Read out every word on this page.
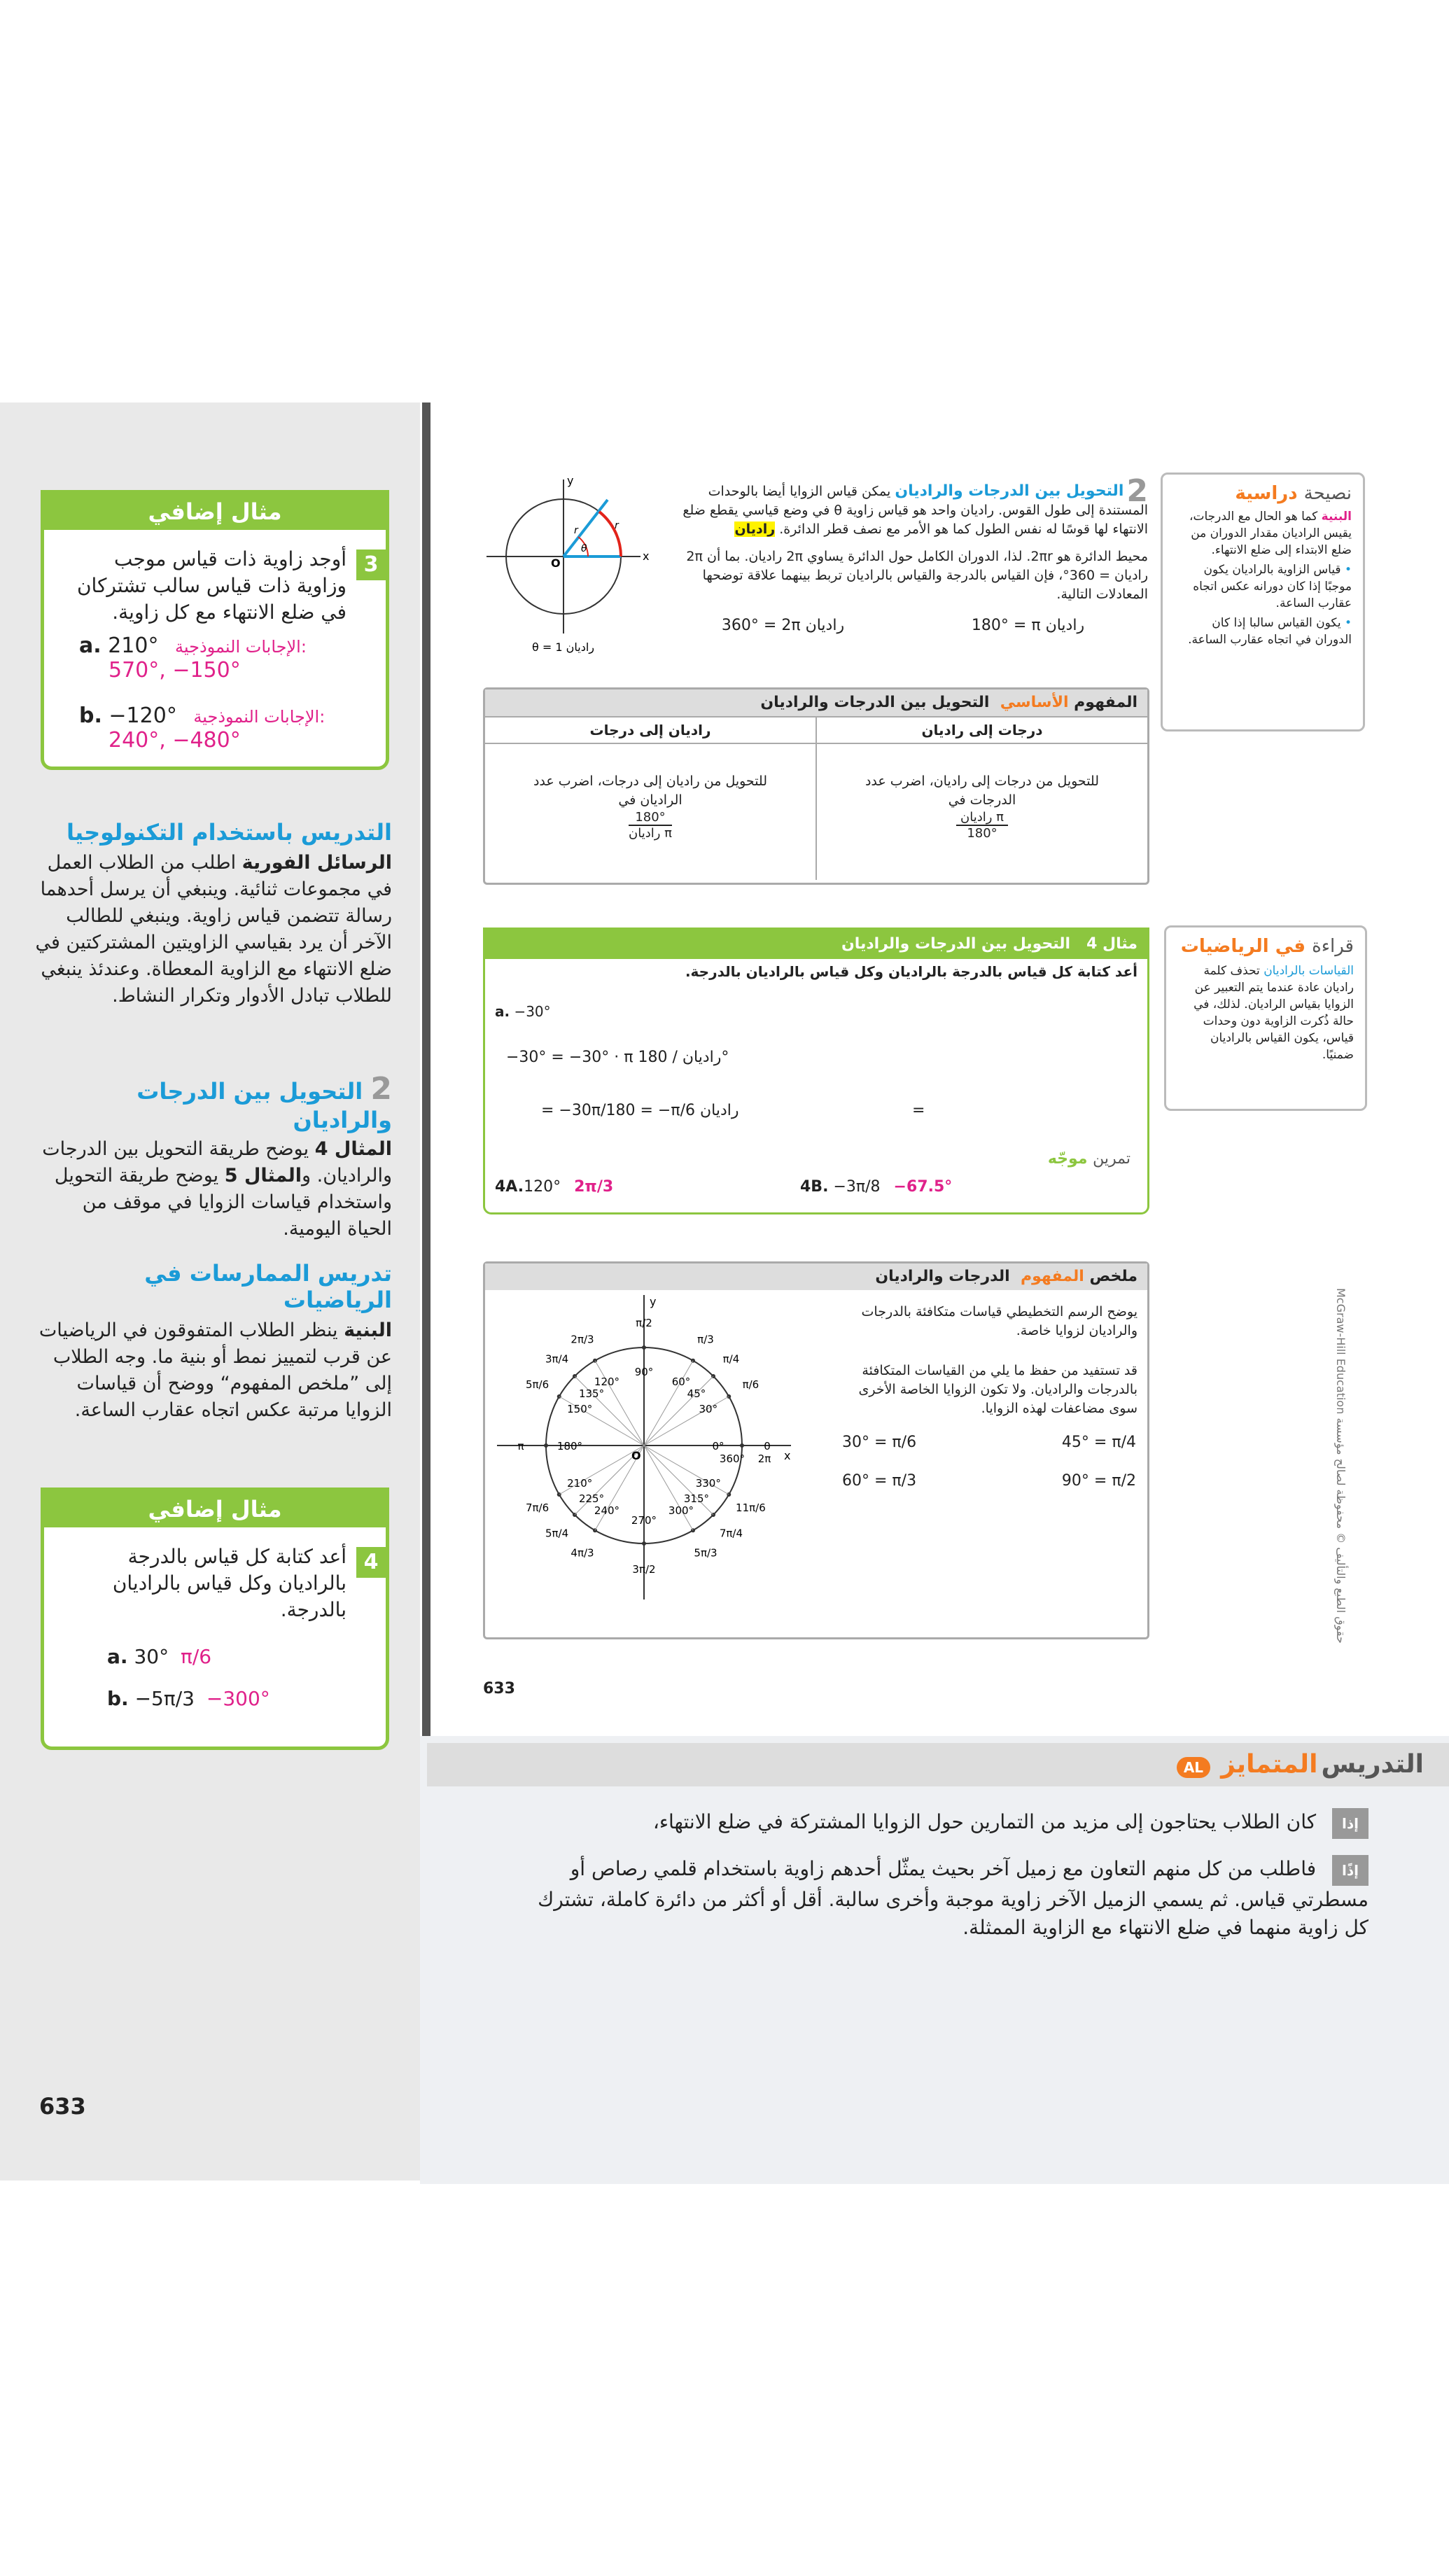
مثال إضافي
3
أوجد زاوية ذات قياس موجب وزاوية ذات قياس سالب تشتركان في ضلع الانتهاء مع كل زاوية.
a. 210° الإجابات النموذجية:
570°, −150°
b. −120° الإجابات النموذجية:
240°, −480°
التدريس باستخدام التكنولوجيا
الرسائل الفورية اطلب من الطلاب العمل في مجموعات ثنائية. وينبغي أن يرسل أحدهما رسالة تتضمن قياس زاوية. وينبغي للطالب الآخر أن يرد بقياسي الزاويتين المشتركتين في ضلع الانتهاء مع الزاوية المعطاة. وعندئذ ينبغي للطلاب تبادل الأدوار وتكرار النشاط.
2 التحويل بين الدرجات والراديان
المثال 4 يوضح طريقة التحويل بين الدرجات والراديان. والمثال 5 يوضح طريقة التحويل واستخدام قياسات الزوايا في موقف من الحياة اليومية.
تدريس الممارسات في الرياضيات
البنية ينظر الطلاب المتفوقون في الرياضيات عن قرب لتمييز نمط أو بنية ما. وجه الطلاب إلى ”ملخص المفهوم“ ووضح أن قياسات الزوايا مرتبة عكس اتجاه عقارب الساعة.
مثال إضافي
4
أعد كتابة كل قياس بالدرجة بالراديان وكل قياس بالراديان بالدرجة.
a. 30° π/6
b. −5π/3 −300°
633
نصيحة دراسية
البنية كما هو الحال مع الدرجات، يقيس الراديان مقدار الدوران من ضلع الابتداء إلى ضلع الانتهاء.
• قياس الزاوية بالراديان يكون موجبًا إذا كان دورانه عكس اتجاه عقارب الساعة.
• يكون القياس سالبا إذا كان الدوران في اتجاه عقارب الساعة.
2
التحويل بين الدرجات والراديان يمكن قياس الزوايا أيضا بالوحدات المستندة إلى طول القوس. راديان واحد هو قياس زاوية θ في وضع قياسي يقطع ضلع الانتهاء لها قوسًا له نفس الطول كما هو الأمر مع نصف قطر الدائرة. راديان
محيط الدائرة هو 2πr. لذا، الدوران الكامل حول الدائرة يساوي 2π راديان. بما أن 2π راديان = 360°، فإن القياس بالدرجة والقياس بالراديان تربط بينهما علاقة توضحها المعادلات التالية.
360° = 2π راديان	180° = π راديان
x
y
O
r	r
θ
θ = 1 راديان
المفهوم الأساسي  التحويل بين الدرجات والراديان
درجات إلى راديان
راديان إلى درجات
للتحويل من درجات إلى راديان، اضرب عدد الدرجات في
π راديان
180°
للتحويل من راديان إلى درجات، اضرب عدد الراديان في
180°
π راديان
مثال 4   التحويل بين الدرجات والراديان
أعد كتابة كل قياس بالدرجة بالراديان وكل قياس بالراديان بالدرجة.
a. −30°
−30° = −30° · π راديان / 180°
= −30π/180 = −π/6 راديان	=
تمرين موجّه
4A.120° 2π/3	4B. −3π/8 −67.5°
قراءة في الرياضيات
القياسات بالراديان تحذف كلمة راديان عادة عندما يتم التعبير عن الزوايا بقياس الراديان. لذلك، في حالة ذُكرت الزاوية دون وحدات قياس، يكون القياس بالراديان ضمنيًا.
ملخص المفهوم  الدرجات والراديان
يوضح الرسم التخطيطي قياسات متكافئة بالدرجات والراديان لزوايا خاصة.
قد تستفيد من حفظ ما يلي من القياسات المتكافئة بالدرجات والراديان. ولا تكون الزوايا الخاصة الأخرى سوى مضاعفات لهذه الزوايا.
30° = π/6	45° = π/4
60° = π/3	90° = π/2
0°	0
30°
π/6
45°
π/4
60°
π/3
90°
π/2
120°
2π/3
135°
3π/4
150°
5π/6
180°
π
210°
7π/6
225°
5π/4
240°
4π/3
270°
3π/2
300°
5π/3
315°
7π/4
330°
11π/6
360° 2π x
y
O
633
McGraw-Hill Education حقوق الطبع والتأليف © محفوظة لصالح مؤسسة
التدريس المتمايز AL
إذا كان الطلاب يحتاجون إلى مزيد من التمارين حول الزوايا المشتركة في ضلع الانتهاء،
إذًا فاطلب من كل منهم التعاون مع زميل آخر بحيث يمثّل أحدهم زاوية باستخدام قلمي رصاص أو مسطرتي قياس. ثم يسمي الزميل الآخر زاوية موجبة وأخرى سالبة. أقل أو أكثر من دائرة كاملة، تشترك كل زاوية منهما في ضلع الانتهاء مع الزاوية الممثلة.
